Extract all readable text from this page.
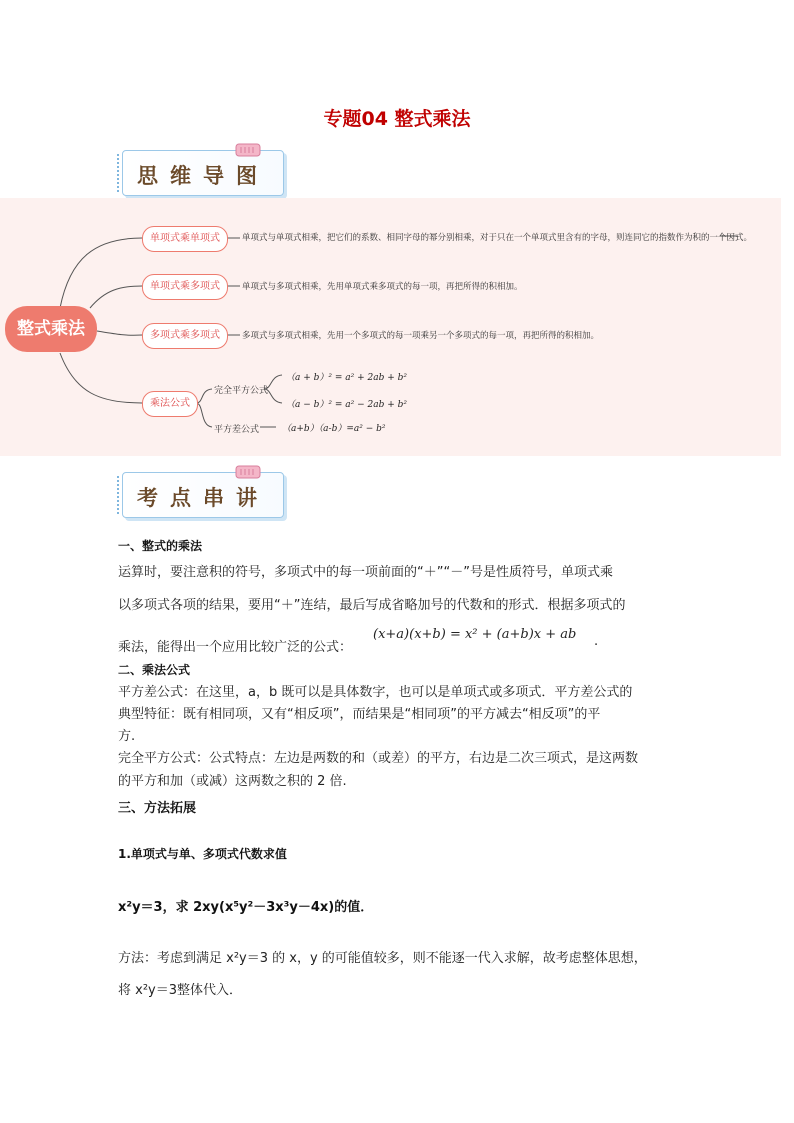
专题04 整式乘法
思维导图
整式乘法
单项式乘单项式	单项式与单项式相乘，把它们的系数、相同字母的幂分别相乘，对于只在一个单项式里含有的字母，则连同它的指数作为积的一个因式。
单项式乘多项式	单项式与多项式相乘，先用单项式乘多项式的每一项，再把所得的积相加。
多项式乘多项式	多项式与多项式相乘，先用一个多项式的每一项乘另一个多项式的每一项，再把所得的积相加。
乘法公式
完全平方公式
（a + b）² = a² + 2ab + b²
（a − b）² = a² − 2ab + b²
平方差公式	（a+b）（a-b）=a² − b²
考点串讲
一、整式的乘法
运算时，要注意积的符号，多项式中的每一项前面的“＋”“－”号是性质符号，单项式乘
以多项式各项的结果，要用“＋”连结，最后写成省略加号的代数和的形式．根据多项式的
乘法，能得出一个应用比较广泛的公式：
(x+a)(x+b) = x² + (a+b)x + ab .
二、乘法公式
平方差公式：在这里，a，b 既可以是具体数字，也可以是单项式或多项式．平方差公式的
典型特征：既有相同项，又有“相反项”，而结果是“相同项”的平方减去“相反项”的平
方.
完全平方公式：公式特点：左边是两数的和（或差）的平方，右边是二次三项式，是这两数
的平方和加（或减）这两数之积的 2 倍.
三、方法拓展
1.单项式与单、多项式代数求值
x²y＝3，求 2xy(x⁵y²－3x³y－4x)的值．
方法：考虑到满足 x²y＝3 的 x，y 的可能值较多，则不能逐一代入求解，故考虑整体思想，
将 x²y＝3整体代入．
